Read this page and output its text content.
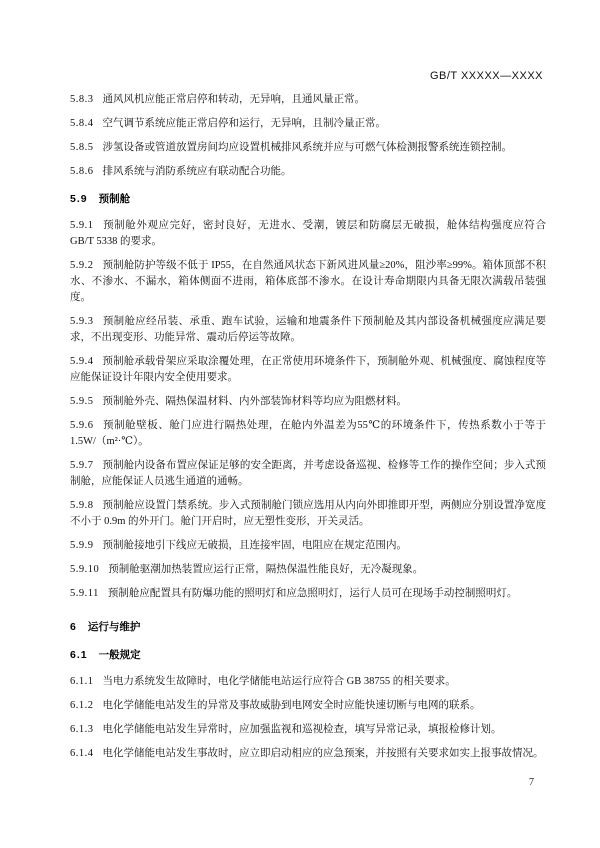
GB/T XXXXX—XXXX

5.8.3 通风风机应能正常启停和转动，无异响，且通风量正常。

5.8.4 空气调节系统应能正常启停和运行，无异响，且制冷量正常。

5.8.5 涉氢设备或管道放置房间均应设置机械排风系统并应与可燃气体检测报警系统连锁控制。

5.8.6 排风系统与消防系统应有联动配合功能。

5.9 预制舱

5.9.1 预制舱外观应完好，密封良好，无进水、受潮，镀层和防腐层无破损，舱体结构强度应符合 GB/T 5338 的要求。

5.9.2 预制舱防护等级不低于 IP55，在自然通风状态下新风进风量≥20%，阻沙率≥99%。箱体顶部不积水、不渗水、不漏水，箱体侧面不进雨，箱体底部不渗水。在设计寿命期限内具备无限次满载吊装强度。

5.9.3 预制舱应经吊装、承重、跑车试验，运输和地震条件下预制舱及其内部设备机械强度应满足要求，不出现变形、功能异常、震动后停运等故障。

5.9.4 预制舱承载骨架应采取涂覆处理，在正常使用环境条件下，预制舱外观、机械强度、腐蚀程度等应能保证设计年限内安全使用要求。

5.9.5 预制舱外壳、隔热保温材料、内外部装饰材料等均应为阻燃材料。

5.9.6 预制舱壁板、舱门应进行隔热处理，在舱内外温差为55℃的环境条件下，传热系数小于等于 1.5W/（m²·℃）。

5.9.7 预制舱内设备布置应保证足够的安全距离，并考虑设备巡视、检修等工作的操作空间；步入式预制舱，应能保证人员逃生通道的通畅。

5.9.8 预制舱应设置门禁系统。步入式预制舱门锁应选用从内向外即推即开型，两侧应分别设置净宽度不小于 0.9m 的外开门。舱门开启时，应无塑性变形，开关灵活。

5.9.9 预制舱接地引下线应无破损，且连接牢固，电阻应在规定范围内。

5.9.10 预制舱驱潮加热装置应运行正常，隔热保温性能良好，无冷凝现象。

5.9.11 预制舱应配置具有防爆功能的照明灯和应急照明灯，运行人员可在现场手动控制照明灯。

6 运行与维护

6.1 一般规定

6.1.1 当电力系统发生故障时，电化学储能电站运行应符合 GB 38755 的相关要求。

6.1.2 电化学储能电站发生的异常及事故威胁到电网安全时应能快速切断与电网的联系。

6.1.3 电化学储能电站发生异常时，应加强监视和巡视检查，填写异常记录，填报检修计划。

6.1.4 电化学储能电站发生事故时，应立即启动相应的应急预案，并按照有关要求如实上报事故情况。

7
